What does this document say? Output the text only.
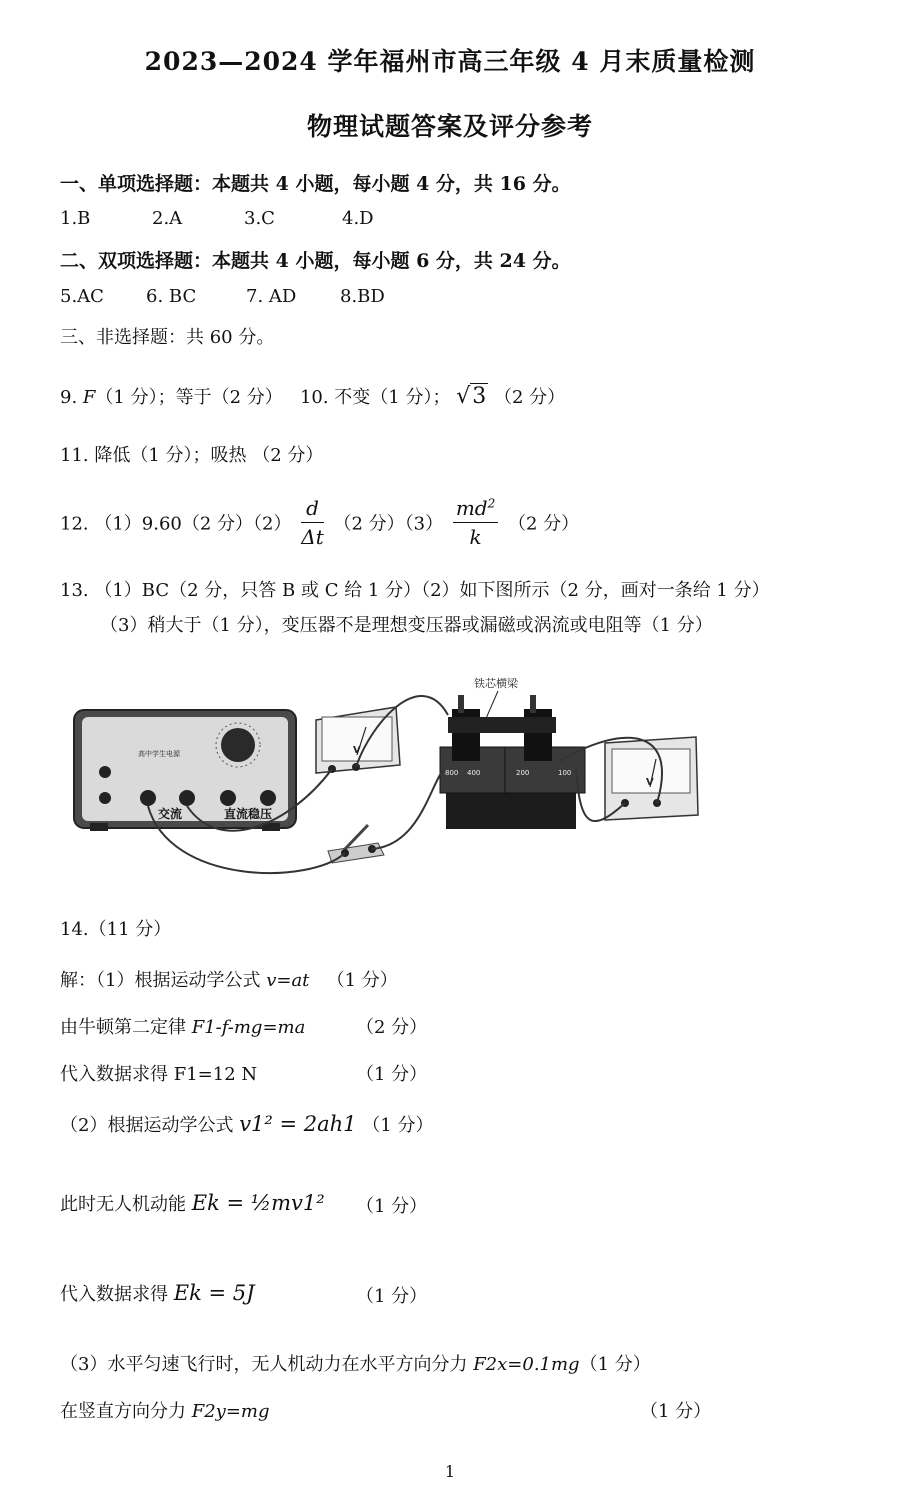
2023—2024 学年福州市高三年级 4 月末质量检测
物理试题答案及评分参考
一、单项选择题：本题共 4 小题，每小题 4 分，共 16 分。
1.B	2.A	3.C	4.D
二、双项选择题：本题共 4 小题，每小题 6 分，共 24 分。
5.AC 6. BC	7. AD 8.BD
三、非选择题：共 60 分。
9. F（1 分）；等于（2 分） 10. 不变（1 分）； √3 （2 分）
11. 降低（1 分）；吸热 （2 分）
12. （1）9.60（2 分）$(2) \frac{d}{\Delta t} (2$ 分）$(3) \frac{md^2}{k} (2$ 分）
13. （1）BC（2 分，只答 B 或 C 给 1 分）（2）如下图所示（2 分，画对一条给 1 分）
（3）稍大于（1 分），变压器不是理想变压器或漏磁或涡流或电阻等（1 分）
高中学生电源
交流	直流稳压
V
800 400	200	100
铁芯横梁
V
14.（11 分）
解：（1）根据运动学公式 v=at （1 分）
由牛顿第二定律 F1-f-mg=ma	（2 分）
代入数据求得 F1=12 N	（1 分）
（2）根据运动学公式 v1² = 2ah1 （1 分）
此时无人机动能 Ek = ½mv1² （1 分）
代入数据求得 Ek = 5J	（1 分）
（3）水平匀速飞行时，无人机动力在水平方向分力 F2x=0.1mg（1 分）
在竖直方向分力 F2y=mg	（1 分）
1
